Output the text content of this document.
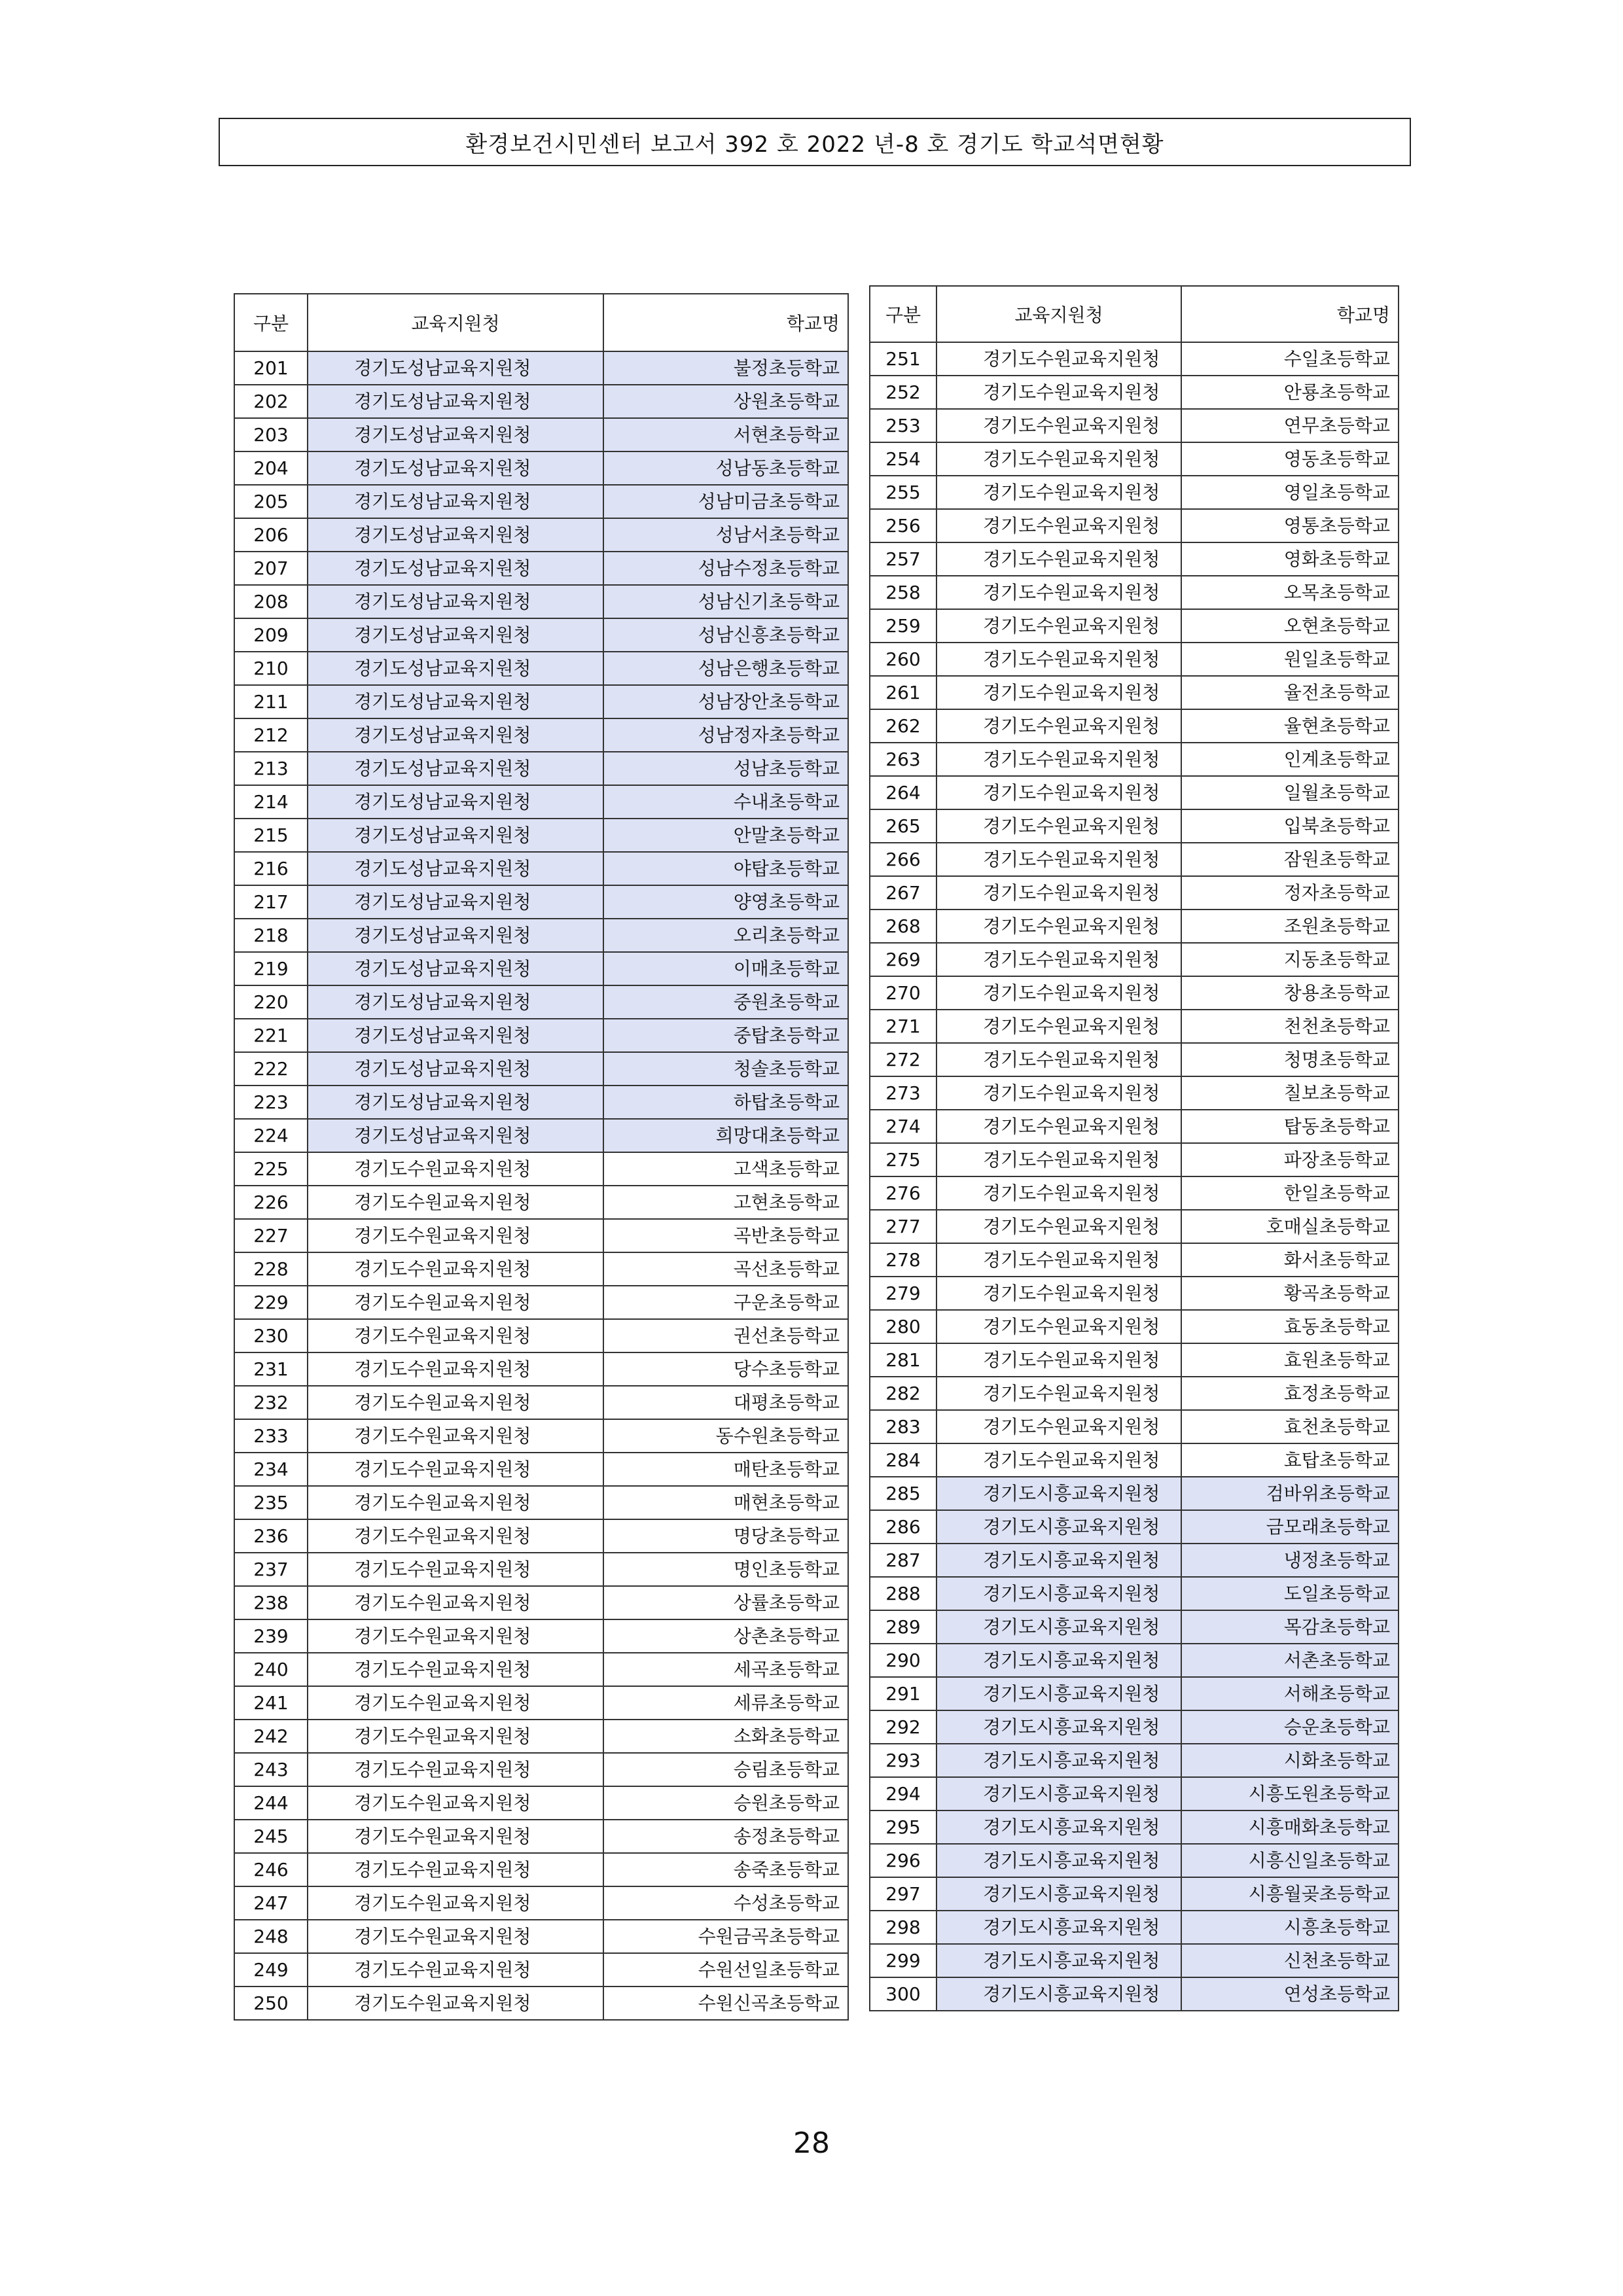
환경보건시민센터 보고서 392 호 2022 년-8 호 경기도 학교석면현황
구분	교육지원청	학교명
201	경기도성남교육지원청	불정초등학교
202	경기도성남교육지원청	상원초등학교
203	경기도성남교육지원청	서현초등학교
204	경기도성남교육지원청	성남동초등학교
205	경기도성남교육지원청	성남미금초등학교
206	경기도성남교육지원청	성남서초등학교
207	경기도성남교육지원청	성남수정초등학교
208	경기도성남교육지원청	성남신기초등학교
209	경기도성남교육지원청	성남신흥초등학교
210	경기도성남교육지원청	성남은행초등학교
211	경기도성남교육지원청	성남장안초등학교
212	경기도성남교육지원청	성남정자초등학교
213	경기도성남교육지원청	성남초등학교
214	경기도성남교육지원청	수내초등학교
215	경기도성남교육지원청	안말초등학교
216	경기도성남교육지원청	야탑초등학교
217	경기도성남교육지원청	양영초등학교
218	경기도성남교육지원청	오리초등학교
219	경기도성남교육지원청	이매초등학교
220	경기도성남교육지원청	중원초등학교
221	경기도성남교육지원청	중탑초등학교
222	경기도성남교육지원청	청솔초등학교
223	경기도성남교육지원청	하탑초등학교
224	경기도성남교육지원청	희망대초등학교
225	경기도수원교육지원청	고색초등학교
226	경기도수원교육지원청	고현초등학교
227	경기도수원교육지원청	곡반초등학교
228	경기도수원교육지원청	곡선초등학교
229	경기도수원교육지원청	구운초등학교
230	경기도수원교육지원청	권선초등학교
231	경기도수원교육지원청	당수초등학교
232	경기도수원교육지원청	대평초등학교
233	경기도수원교육지원청	동수원초등학교
234	경기도수원교육지원청	매탄초등학교
235	경기도수원교육지원청	매현초등학교
236	경기도수원교육지원청	명당초등학교
237	경기도수원교육지원청	명인초등학교
238	경기도수원교육지원청	상률초등학교
239	경기도수원교육지원청	상촌초등학교
240	경기도수원교육지원청	세곡초등학교
241	경기도수원교육지원청	세류초등학교
242	경기도수원교육지원청	소화초등학교
243	경기도수원교육지원청	승림초등학교
244	경기도수원교육지원청	승원초등학교
245	경기도수원교육지원청	송정초등학교
246	경기도수원교육지원청	송죽초등학교
247	경기도수원교육지원청	수성초등학교
248	경기도수원교육지원청	수원금곡초등학교
249	경기도수원교육지원청	수원선일초등학교
250	경기도수원교육지원청	수원신곡초등학교
구분	교육지원청	학교명
251	경기도수원교육지원청	수일초등학교
252	경기도수원교육지원청	안룡초등학교
253	경기도수원교육지원청	연무초등학교
254	경기도수원교육지원청	영동초등학교
255	경기도수원교육지원청	영일초등학교
256	경기도수원교육지원청	영통초등학교
257	경기도수원교육지원청	영화초등학교
258	경기도수원교육지원청	오목초등학교
259	경기도수원교육지원청	오현초등학교
260	경기도수원교육지원청	원일초등학교
261	경기도수원교육지원청	율전초등학교
262	경기도수원교육지원청	율현초등학교
263	경기도수원교육지원청	인계초등학교
264	경기도수원교육지원청	일월초등학교
265	경기도수원교육지원청	입북초등학교
266	경기도수원교육지원청	잠원초등학교
267	경기도수원교육지원청	정자초등학교
268	경기도수원교육지원청	조원초등학교
269	경기도수원교육지원청	지동초등학교
270	경기도수원교육지원청	창용초등학교
271	경기도수원교육지원청	천천초등학교
272	경기도수원교육지원청	청명초등학교
273	경기도수원교육지원청	칠보초등학교
274	경기도수원교육지원청	탑동초등학교
275	경기도수원교육지원청	파장초등학교
276	경기도수원교육지원청	한일초등학교
277	경기도수원교육지원청	호매실초등학교
278	경기도수원교육지원청	화서초등학교
279	경기도수원교육지원청	황곡초등학교
280	경기도수원교육지원청	효동초등학교
281	경기도수원교육지원청	효원초등학교
282	경기도수원교육지원청	효정초등학교
283	경기도수원교육지원청	효천초등학교
284	경기도수원교육지원청	효탑초등학교
285	경기도시흥교육지원청	검바위초등학교
286	경기도시흥교육지원청	금모래초등학교
287	경기도시흥교육지원청	냉정초등학교
288	경기도시흥교육지원청	도일초등학교
289	경기도시흥교육지원청	목감초등학교
290	경기도시흥교육지원청	서촌초등학교
291	경기도시흥교육지원청	서해초등학교
292	경기도시흥교육지원청	승운초등학교
293	경기도시흥교육지원청	시화초등학교
294	경기도시흥교육지원청	시흥도원초등학교
295	경기도시흥교육지원청	시흥매화초등학교
296	경기도시흥교육지원청	시흥신일초등학교
297	경기도시흥교육지원청	시흥월곶초등학교
298	경기도시흥교육지원청	시흥초등학교
299	경기도시흥교육지원청	신천초등학교
300	경기도시흥교육지원청	연성초등학교
28
